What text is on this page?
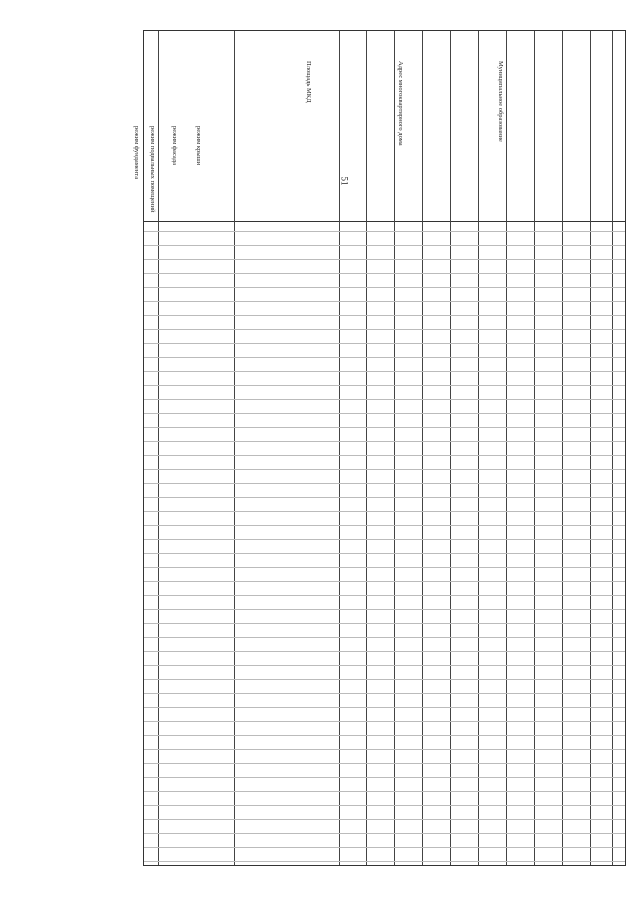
51
Муниципальное образование
Адрес многоквартирного дома
Площадь МКД
режим крыши
режим фасада
режим подвальных помещений
режим фундамента
